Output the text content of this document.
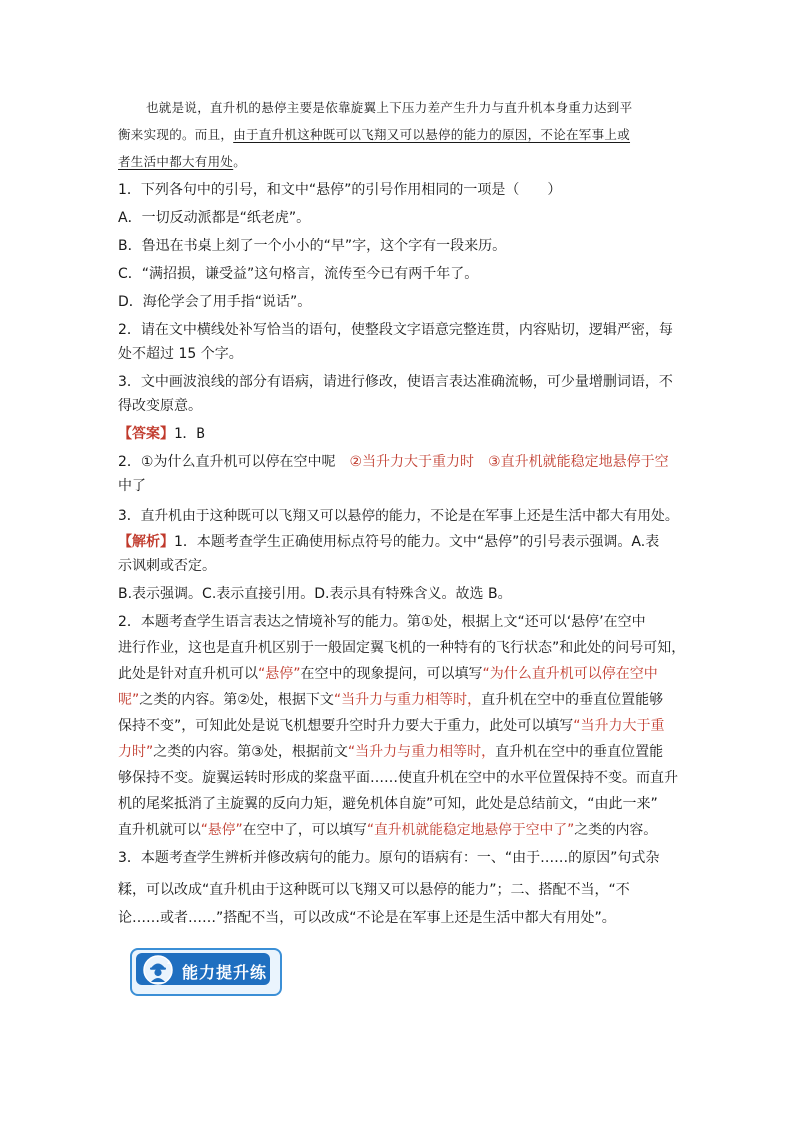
也就是说，直升机的悬停主要是依靠旋翼上下压力差产生升力与直升机本身重力达到平
衡来实现的。而且，由于直升机这种既可以飞翔又可以悬停的能力的原因，不论在军事上或
者生活中都大有用处。
1．下列各句中的引号，和文中“悬停”的引号作用相同的一项是（　　）
A．一切反动派都是“纸老虎”。
B．鲁迅在书桌上刻了一个小小的“早”字，这个字有一段来历。
C．“满招损，谦受益”这句格言，流传至今已有两千年了。
D．海伦学会了用手指“说话”。
2．请在文中横线处补写恰当的语句，使整段文字语意完整连贯，内容贴切，逻辑严密，每
处不超过 15 个字。
3．文中画波浪线的部分有语病，请进行修改，使语言表达准确流畅，可少量增删词语，不
得改变原意。
【答案】1．B
2．①为什么直升机可以停在空中呢 ②当升力大于重力时 ③直升机就能稳定地悬停于空
中了
3．直升机由于这种既可以飞翔又可以悬停的能力，不论是在军事上还是生活中都大有用处。
【解析】1．本题考查学生正确使用标点符号的能力。文中“悬停”的引号表示强调。A.表
示讽刺或否定。
B.表示强调。C.表示直接引用。D.表示具有特殊含义。故选 B。
2．本题考查学生语言表达之情境补写的能力。第①处，根据上文“还可以‘悬停’在空中
进行作业，这也是直升机区别于一般固定翼飞机的一种特有的飞行状态”和此处的问号可知，
此处是针对直升机可以“悬停”在空中的现象提问，可以填写“为什么直升机可以停在空中
呢”之类的内容。第②处，根据下文“当升力与重力相等时，直升机在空中的垂直位置能够
保持不变”，可知此处是说飞机想要升空时升力要大于重力，此处可以填写“当升力大于重
力时”之类的内容。第③处，根据前文“当升力与重力相等时，直升机在空中的垂直位置能
够保持不变。旋翼运转时形成的桨盘平面……使直升机在空中的水平位置保持不变。而直升
机的尾桨抵消了主旋翼的反向力矩，避免机体自旋”可知，此处是总结前文，“由此一来”
直升机就可以“悬停”在空中了，可以填写“直升机就能稳定地悬停于空中了”之类的内容。
3．本题考查学生辨析并修改病句的能力。原句的语病有：一、“由于……的原因”句式杂
糅，可以改成“直升机由于这种既可以飞翔又可以悬停的能力”；二、搭配不当，“不
论……或者……”搭配不当，可以改成“不论是在军事上还是生活中都大有用处”。
能力提升练
